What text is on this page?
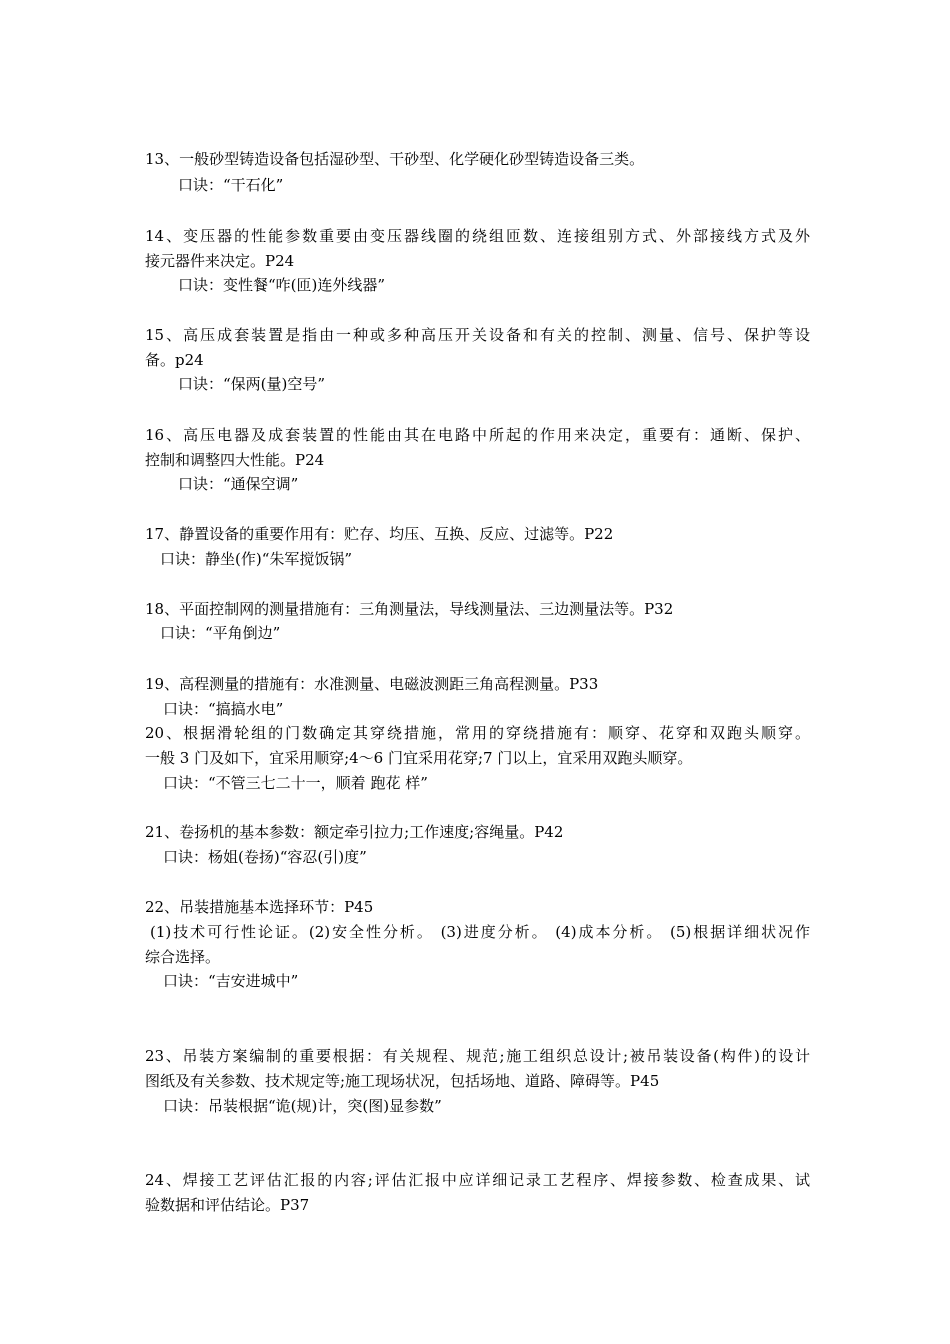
13、一般砂型铸造设备包括湿砂型、干砂型、化学硬化砂型铸造设备三类。
口诀：“干石化”
14、变压器的性能参数重要由变压器线圈的绕组匝数、连接组别方式、外部接线方式及外
接元器件来决定。P24
口诀：变性餐“咋(匝)连外线器”
15、高压成套装置是指由一种或多种高压开关设备和有关的控制、测量、信号、保护等设
备。p24
口诀：“保两(量)空号”
16、高压电器及成套装置的性能由其在电路中所起的作用来决定，重要有：通断、保护、
控制和调整四大性能。P24
口诀：“通保空调”
17、静置设备的重要作用有：贮存、均压、互换、反应、过滤等。P22
口诀：静坐(作)“朱军搅饭锅”
18、平面控制网的测量措施有：三角测量法，导线测量法、三边测量法等。P32
口诀：“平角倒边”
19、高程测量的措施有：水准测量、电磁波测距三角高程测量。P33
口诀：“搞搞水电”
20、根据滑轮组的门数确定其穿绕措施，常用的穿绕措施有：顺穿、花穿和双跑头顺穿。
一般 3 门及如下，宜采用顺穿;4～6 门宜采用花穿;7 门以上，宜采用双跑头顺穿。
口诀：“不管三七二十一，顺着 跑花 样”
21、卷扬机的基本参数：额定牵引拉力;工作速度;容绳量。P42
口诀：杨姐(卷扬)“容忍(引)度”
22、吊装措施基本选择环节：P45
(1)技术可行性论证。(2)安全性分析。 (3)进度分析。 (4)成本分析。 (5)根据详细状况作
综合选择。
口诀：“吉安进城中”
23、吊装方案编制的重要根据：有关规程、规范;施工组织总设计;被吊装设备(构件)的设计
图纸及有关参数、技术规定等;施工现场状况，包括场地、道路、障碍等。P45
口诀：吊装根据“诡(规)计，突(图)显参数”
24、焊接工艺评估汇报的内容;评估汇报中应详细记录工艺程序、焊接参数、检查成果、试
验数据和评估结论。P37
